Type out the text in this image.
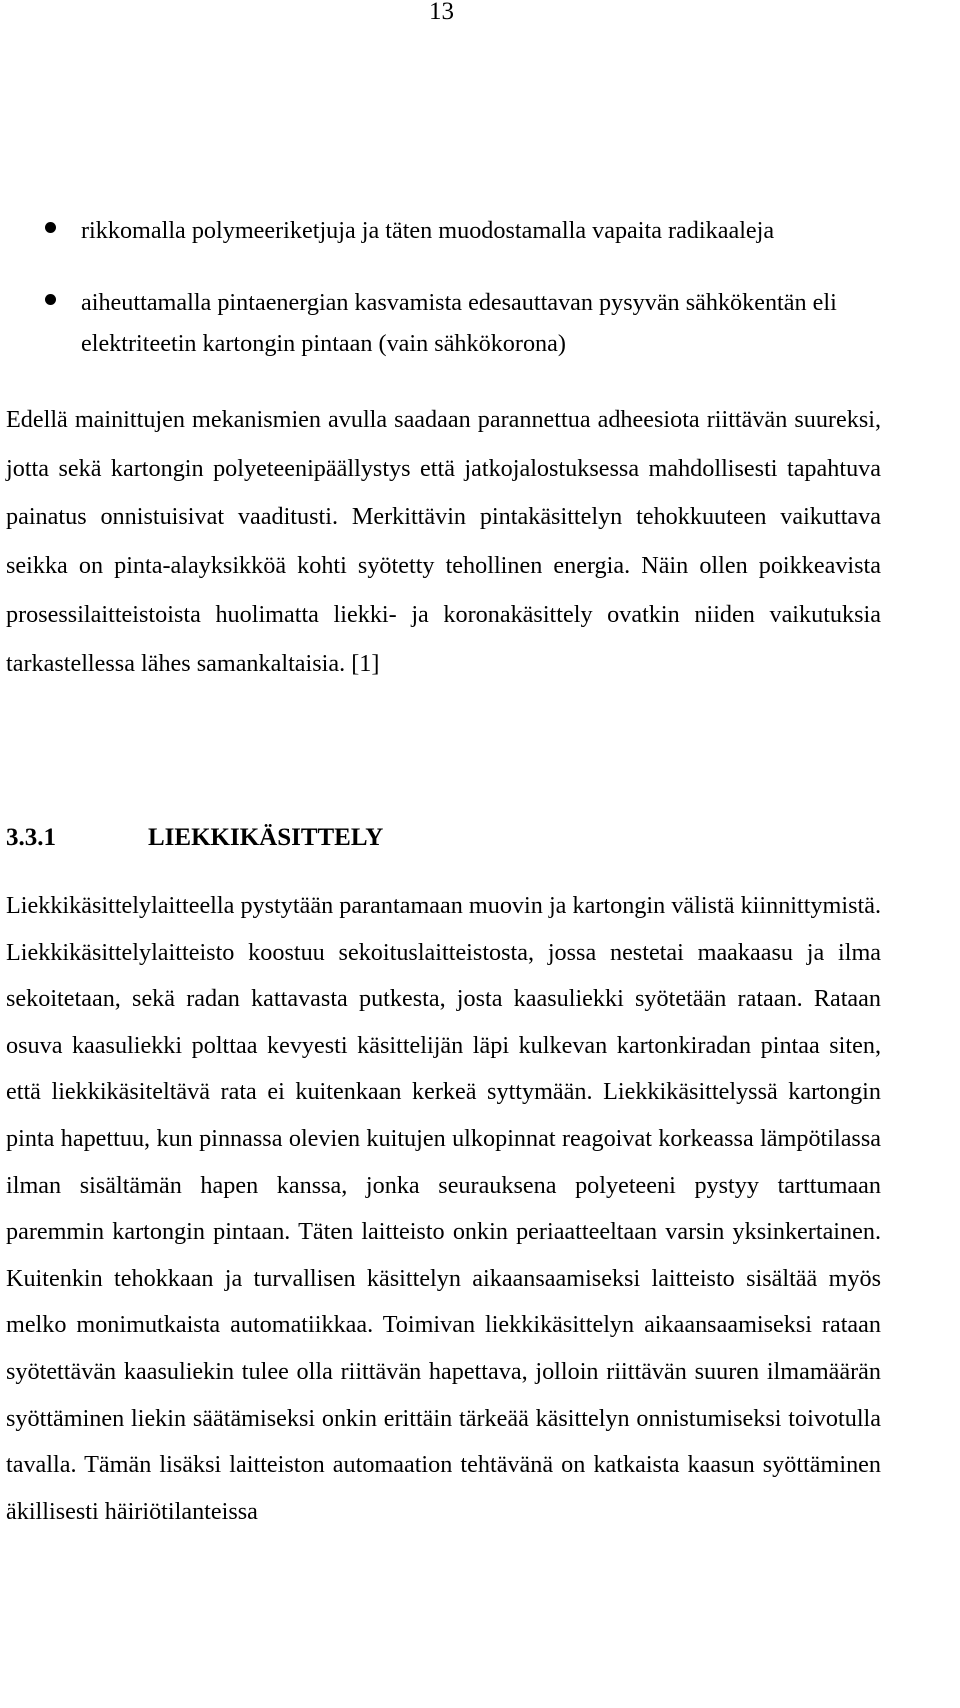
13
rikkomalla polymeeriketjuja ja täten muodostamalla vapaita radikaaleja
aiheuttamalla pintaenergian kasvamista edesauttavan pysyvän sähkökentän eli elektriteetin kartongin pintaan (vain sähkökorona)

Edellä mainittujen mekanismien avulla saadaan parannettua adheesiota riittävän suureksi, jotta sekä kartongin polyeteenipäällystys että jatkojalostuksessa mahdollisesti tapahtuva painatus onnistuisivat vaaditusti. Merkittävin pintakäsittelyn tehokkuuteen vaikuttava seikka on pinta-alayksikköä kohti syötetty tehollinen energia. Näin ollen poikkeavista prosessilaitteistoista huolimatta liekki- ja koronakäsittely ovatkin niiden vaikutuksia tarkastellessa lähes samankaltaisia. [1]

3.3.1	LIEKKIKÄSITTELY

Liekkikäsittelylaitteella pystytään parantamaan muovin ja kartongin välistä kiinnittymistä. Liekkikäsittelylaitteisto koostuu sekoituslaitteistosta, jossa nestetai maakaasu ja ilma sekoitetaan, sekä radan kattavasta putkesta, josta kaasuliekki syötetään rataan. Rataan osuva kaasuliekki polttaa kevyesti käsittelijän läpi kulkevan kartonkiradan pintaa siten, että liekkikäsiteltävä rata ei kuitenkaan kerkeä syttymään. Liekkikäsittelyssä kartongin pinta hapettuu, kun pinnassa olevien kuitujen ulkopinnat reagoivat korkeassa lämpötilassa ilman sisältämän hapen kanssa, jonka seurauksena polyeteeni pystyy tarttumaan paremmin kartongin pintaan. Täten laitteisto onkin periaatteeltaan varsin yksinkertainen. Kuitenkin tehokkaan ja turvallisen käsittelyn aikaansaamiseksi laitteisto sisältää myös melko monimutkaista automatiikkaa. Toimivan liekkikäsittelyn aikaansaamiseksi rataan syötettävän kaasuliekin tulee olla riittävän hapettava, jolloin riittävän suuren ilmamäärän syöttäminen liekin säätämiseksi onkin erittäin tärkeää käsittelyn onnistumiseksi toivotulla tavalla. Tämän lisäksi laitteiston automaation tehtävänä on katkaista kaasun syöttäminen äkillisesti häiriötilanteissa
